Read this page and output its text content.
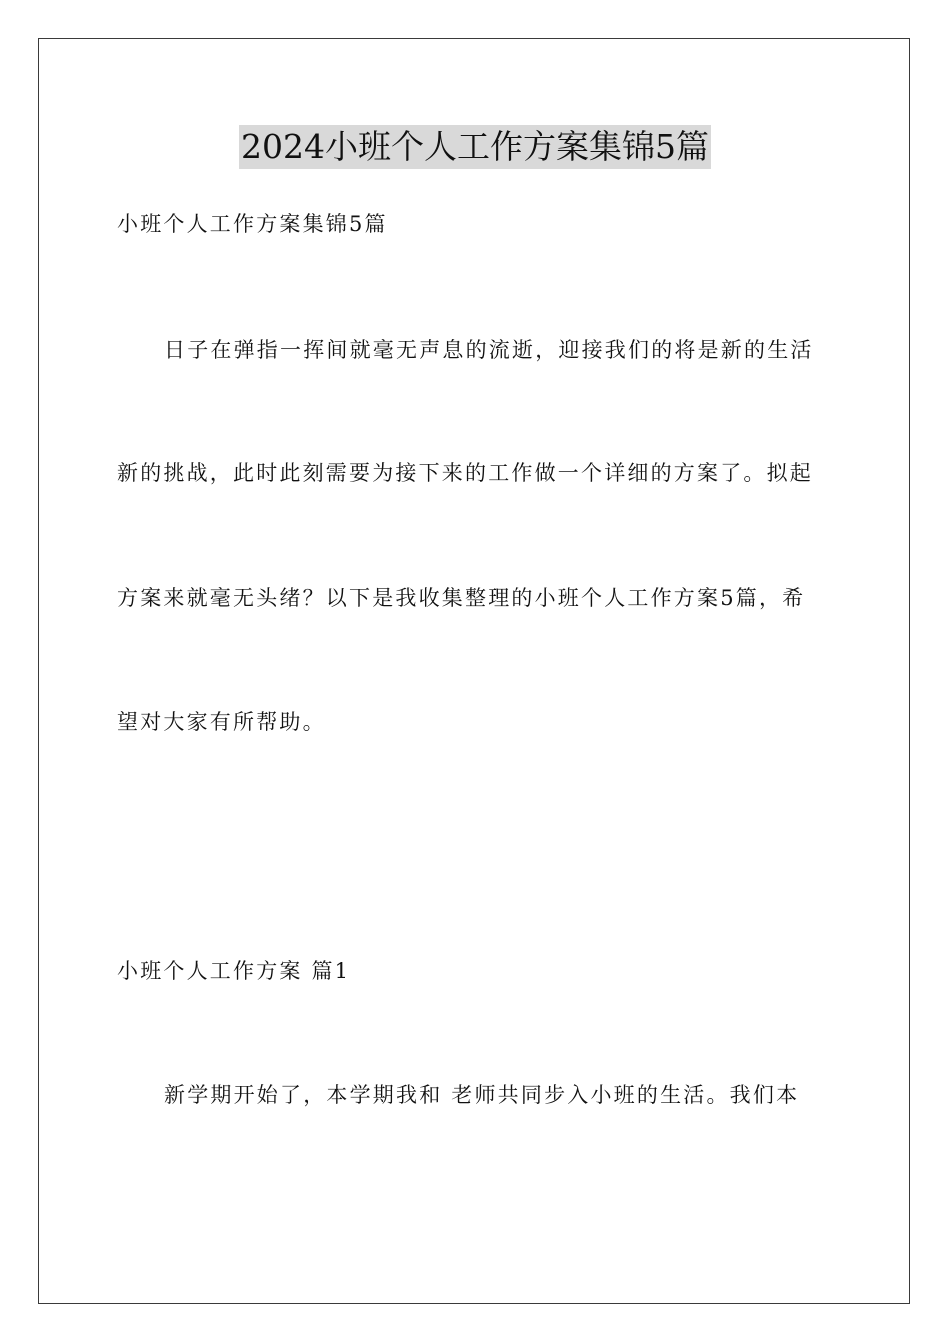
2024小班个人工作方案集锦5篇
小班个人工作方案集锦5篇
日子在弹指一挥间就毫无声息的流逝，迎接我们的将是新的生活
新的挑战，此时此刻需要为接下来的工作做一个详细的方案了。拟起
方案来就毫无头绪？以下是我收集整理的小班个人工作方案5篇，希
望对大家有所帮助。
小班个人工作方案 篇1
新学期开始了，本学期我和 老师共同步入小班的生活。我们本
